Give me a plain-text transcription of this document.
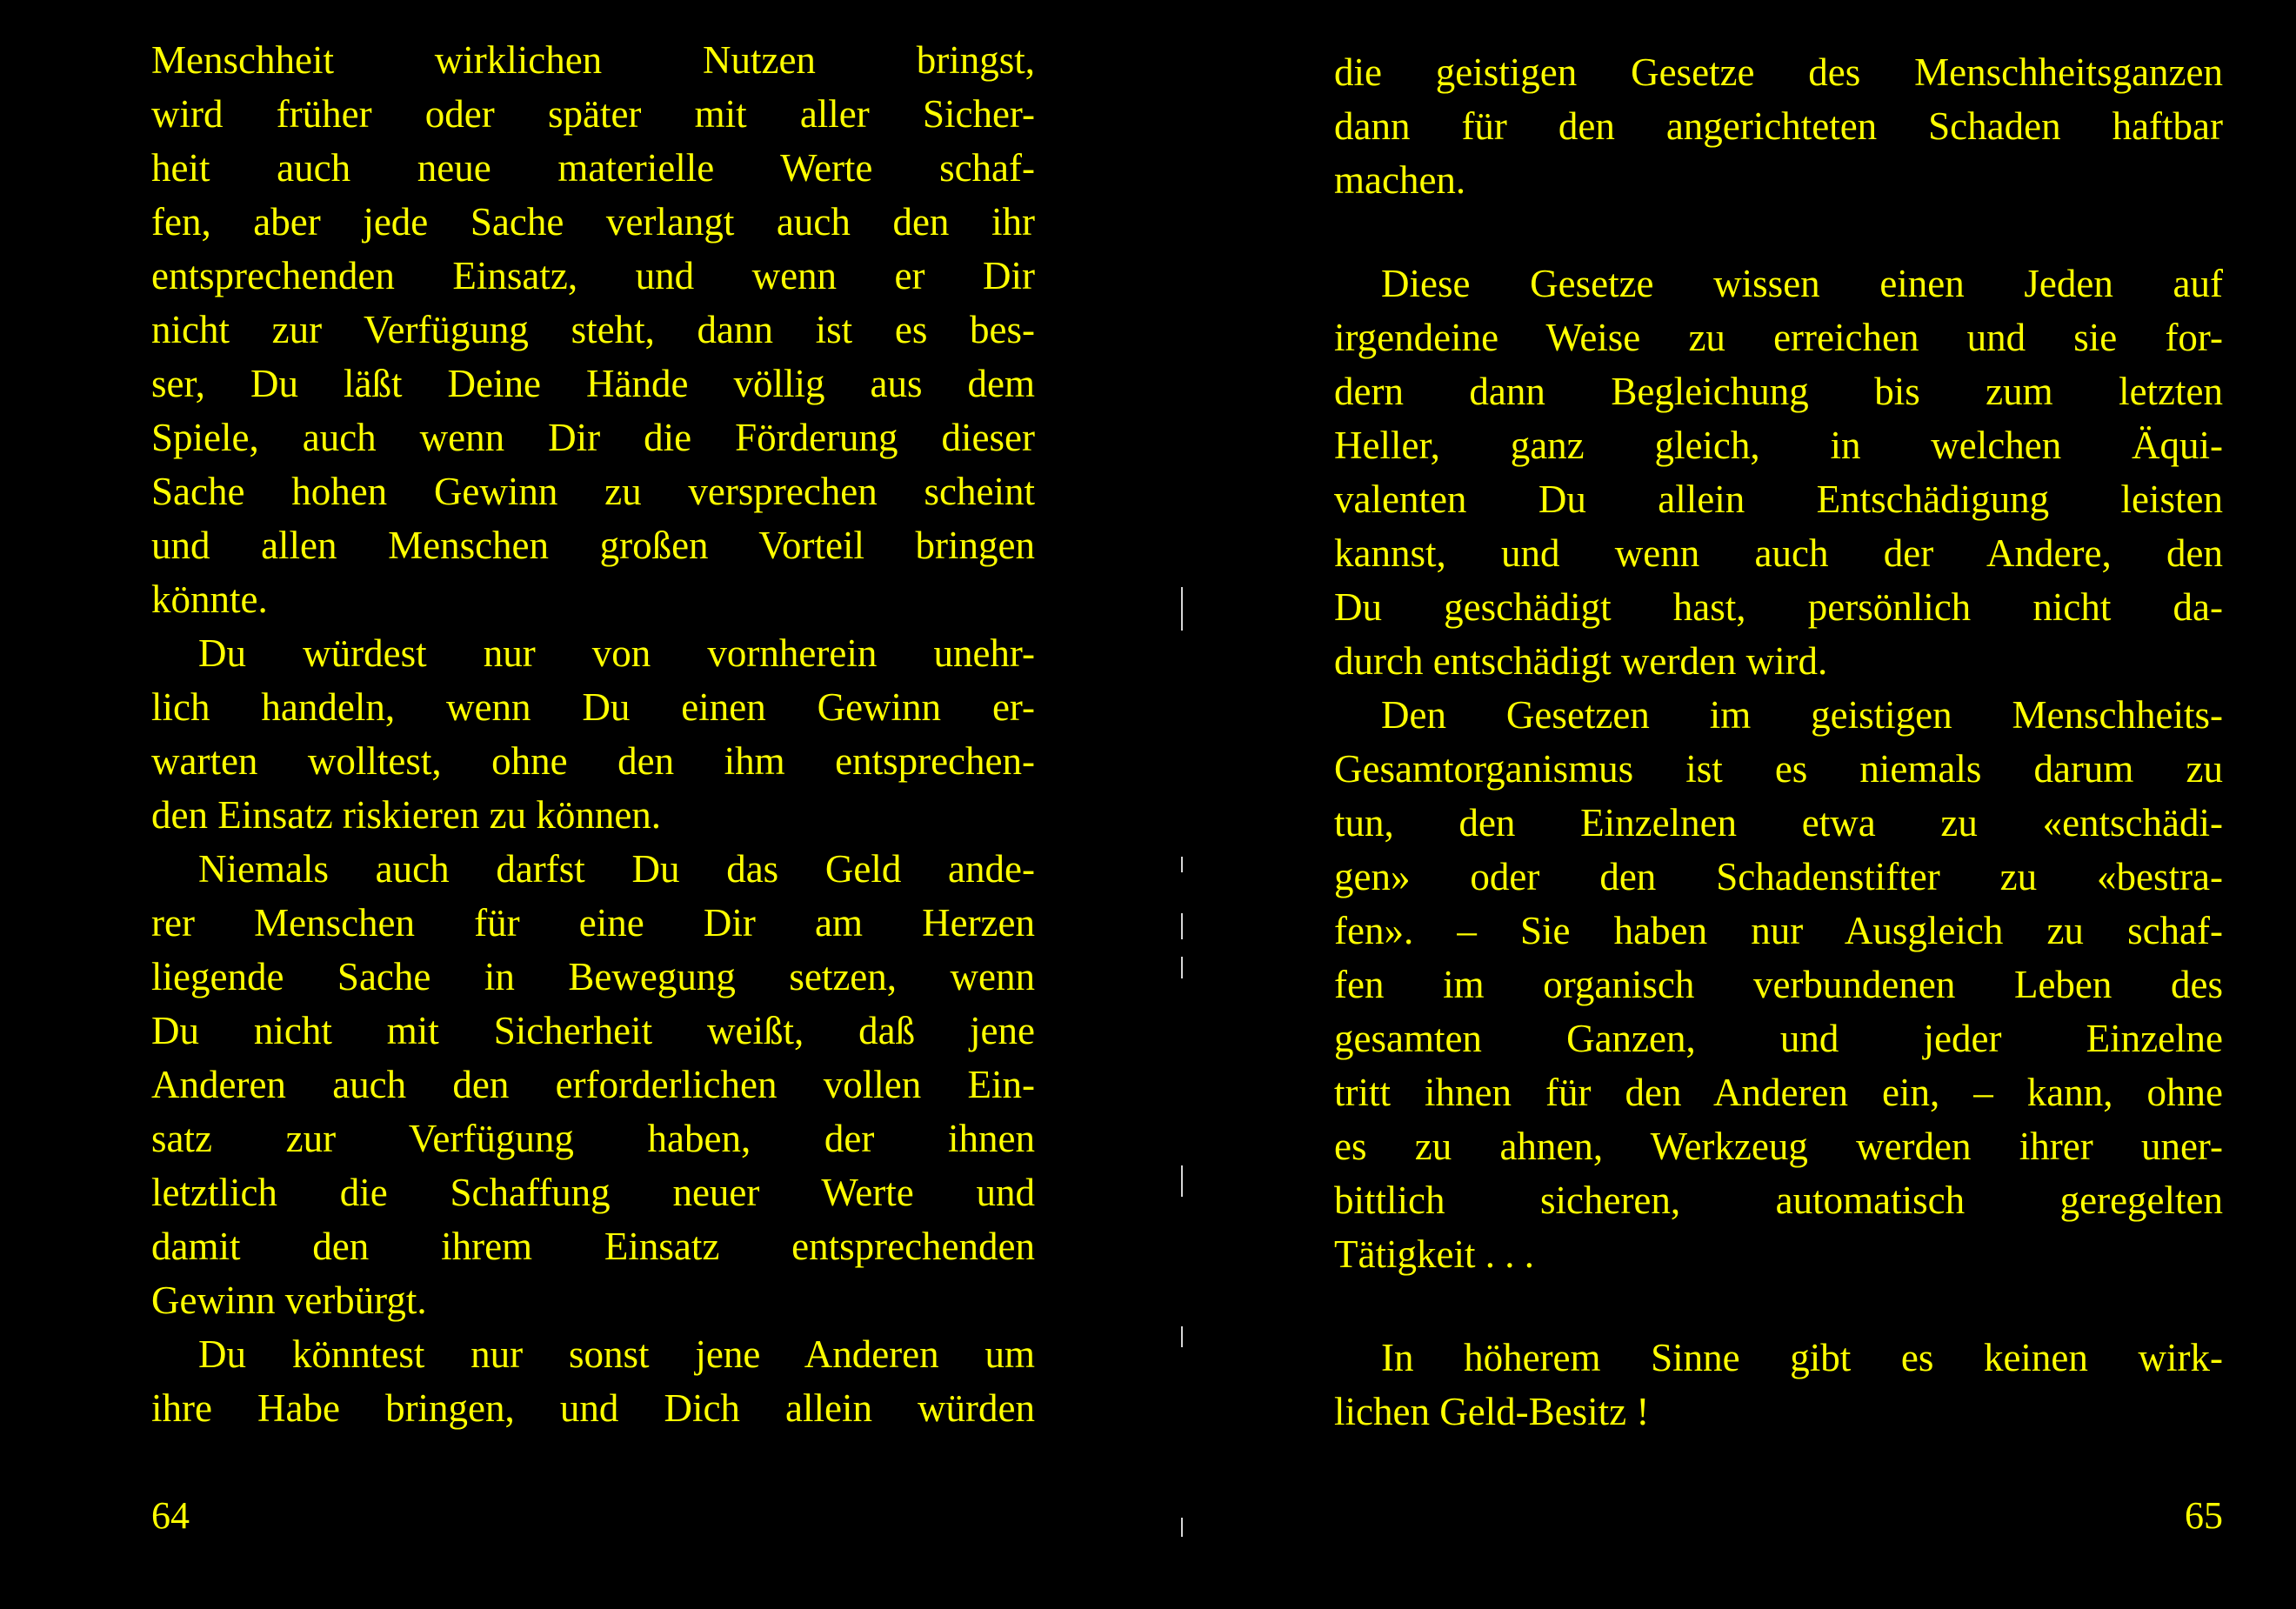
Menschheit wirklichen Nutzen bringst,
wird früher oder später mit aller Sicher-
heit auch neue materielle Werte schaf-
fen, aber jede Sache verlangt auch den ihr
entsprechenden Einsatz, und wenn er Dir
nicht zur Verfügung steht, dann ist es bes-
ser, Du läßt Deine Hände völlig aus dem
Spiele, auch wenn Dir die Förderung dieser
Sache hohen Gewinn zu versprechen scheint
und allen Menschen großen Vorteil bringen
könnte.
Du würdest nur von vornherein unehr-
lich handeln, wenn Du einen Gewinn er-
warten wolltest, ohne den ihm entsprechen-
den Einsatz riskieren zu können.
Niemals auch darfst Du das Geld ande-
rer Menschen für eine Dir am Herzen
liegende Sache in Bewegung setzen, wenn
Du nicht mit Sicherheit weißt, daß jene
Anderen auch den erforderlichen vollen Ein-
satz zur Verfügung haben, der ihnen
letztlich die Schaffung neuer Werte und
damit den ihrem Einsatz entsprechenden
Gewinn verbürgt.
Du könntest nur sonst jene Anderen um
ihre Habe bringen, und Dich allein würden
64
die geistigen Gesetze des Menschheitsganzen
dann für den angerichteten Schaden haftbar
machen.
Diese Gesetze wissen einen Jeden auf
irgendeine Weise zu erreichen und sie for-
dern dann Begleichung bis zum letzten
Heller, ganz gleich, in welchen Äqui-
valenten Du allein Entschädigung leisten
kannst, und wenn auch der Andere, den
Du geschädigt hast, persönlich nicht da-
durch entschädigt werden wird.
Den Gesetzen im geistigen Menschheits-
Gesamtorganismus ist es niemals darum zu
tun, den Einzelnen etwa zu «entschädi-
gen» oder den Schadenstifter zu «bestra-
fen». – Sie haben nur Ausgleich zu schaf-
fen im organisch verbundenen Leben des
gesamten Ganzen, und jeder Einzelne
tritt ihnen für den Anderen ein, – kann, ohne
es zu ahnen, Werkzeug werden ihrer uner-
bittlich sicheren, automatisch geregelten
Tätigkeit . . .
In höherem Sinne gibt es keinen wirk-
lichen Geld-Besitz !
65
